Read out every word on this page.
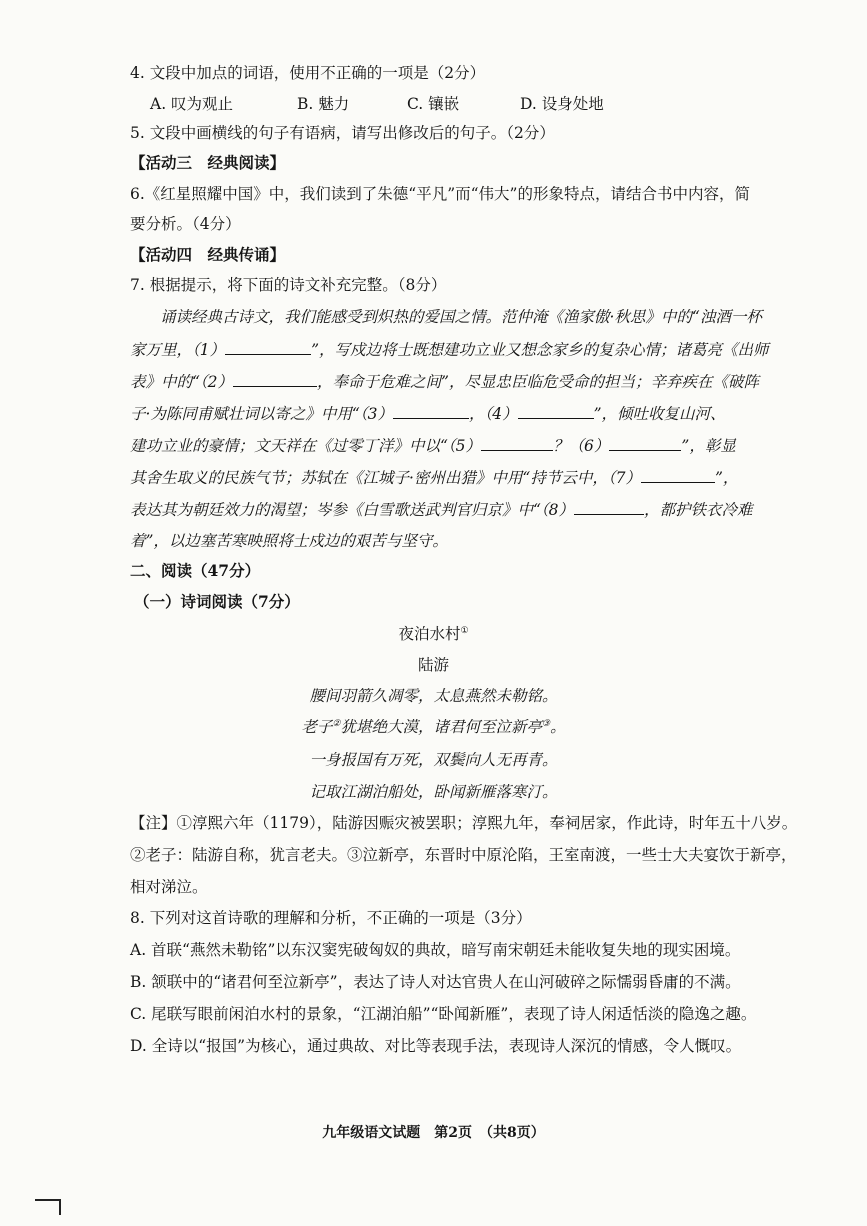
4. 文段中加点的词语，使用不正确的一项是（2分）
A. 叹为观止	B. 魅力	C. 镶嵌	D. 设身处地
5. 文段中画横线的句子有语病，请写出修改后的句子。（2分）
【活动三　经典阅读】
6.《红星照耀中国》中，我们读到了朱德“平凡”而“伟大”的形象特点，请结合书中内容，简
要分析。（4分）
【活动四　经典传诵】
7. 根据提示，将下面的诗文补充完整。（8分）
诵读经典古诗文，我们能感受到炽热的爱国之情。范仲淹《渔家傲·秋思》中的“浊酒一杯
家万里，（1）	”，写戍边将士既想建功立业又想念家乡的复杂心情；诸葛亮《出师
表》中的“（2）	，奉命于危难之间”，尽显忠臣临危受命的担当；辛弃疾在《破阵
子·为陈同甫赋壮词以寄之》中用“（3）	，（4）	”，倾吐收复山河、
建功立业的豪情；文天祥在《过零丁洋》中以“（5）	？（6）	”，彰显
其舍生取义的民族气节；苏轼在《江城子·密州出猎》中用“持节云中，（7）	”，
表达其为朝廷效力的渴望；岑参《白雪歌送武判官归京》中“（8）	，都护铁衣冷难
着”，以边塞苦寒映照将士戍边的艰苦与坚守。
二、阅读（47分）
（一）诗词阅读（7分）
夜泊水村①
陆游
腰间羽箭久凋零，太息燕然未勒铭。
老子②犹堪绝大漠，诸君何至泣新亭③。
一身报国有万死，双鬓向人无再青。
记取江湖泊船处，卧闻新雁落寒汀。
【注】①淳熙六年（1179），陆游因赈灾被罢职；淳熙九年，奉祠居家，作此诗，时年五十八岁。
②老子：陆游自称，犹言老夫。③泣新亭，东晋时中原沦陷，王室南渡，一些士大夫宴饮于新亭，
相对涕泣。
8. 下列对这首诗歌的理解和分析，不正确的一项是（3分）
A. 首联“燕然未勒铭”以东汉窦宪破匈奴的典故，暗写南宋朝廷未能收复失地的现实困境。
B. 颔联中的“诸君何至泣新亭”，表达了诗人对达官贵人在山河破碎之际懦弱昏庸的不满。
C. 尾联写眼前闲泊水村的景象，“江湖泊船”“卧闻新雁”，表现了诗人闲适恬淡的隐逸之趣。
D. 全诗以“报国”为核心，通过典故、对比等表现手法，表现诗人深沉的情感，令人慨叹。
九年级语文试题　第2页　（共8页）
